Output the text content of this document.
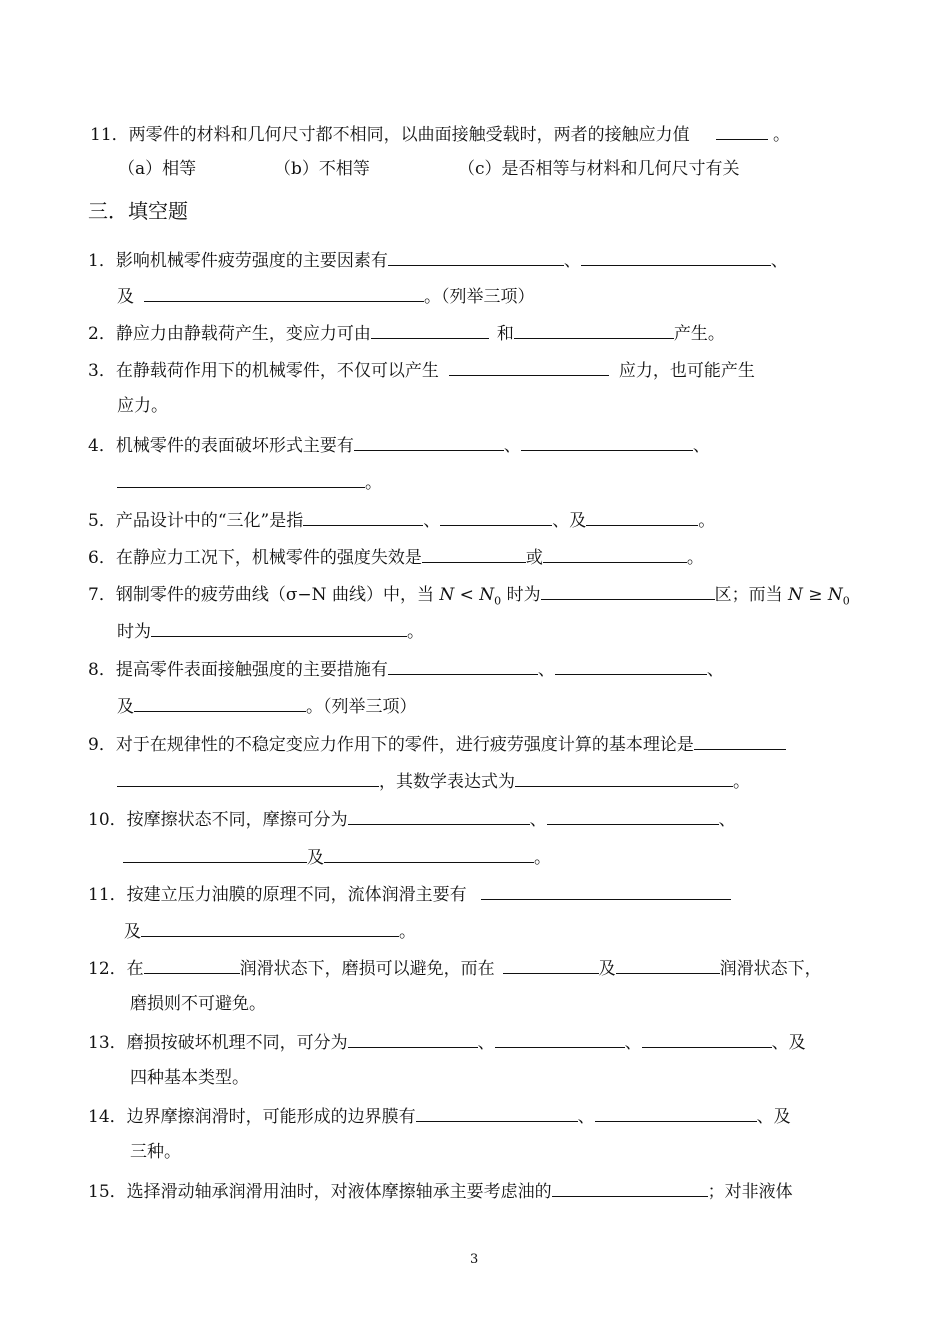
11．两零件的材料和几何尺寸都不相同，以曲面接触受载时，两者的接触应力值	。
（a）相等	（b）不相等	（c）是否相等与材料和几何尺寸有关
三．填空题
1．影响机械零件疲劳强度的主要因素有	、	、
及	。（列举三项）
2．静应力由静载荷产生，变应力可由	和	产生。
3．在静载荷作用下的机械零件，不仅可以产生	应力，也可能产生
应力。
4．机械零件的表面破坏形式主要有	、	、
。
5．产品设计中的“三化”是指	、	、及	。
6．在静应力工况下，机械零件的强度失效是	或	。
7．钢制零件的疲劳曲线（σ−N 曲线）中，当 $N < N_0$ 时为	区；而当 $N \ge N_0$
时为	。
8．提高零件表面接触强度的主要措施有	、	、
及	。（列举三项）
9．对于在规律性的不稳定变应力作用下的零件，进行疲劳强度计算的基本理论是
，其数学表达式为	。
10．按摩擦状态不同，摩擦可分为	、	、
及	。
11．按建立压力油膜的原理不同，流体润滑主要有
及	。
12．在	润滑状态下，磨损可以避免，而在	及	润滑状态下，
磨损则不可避免。
13．磨损按破坏机理不同，可分为	、	、	、及
四种基本类型。
14．边界摩擦润滑时，可能形成的边界膜有	、	、及
三种。
15．选择滑动轴承润滑用油时，对液体摩擦轴承主要考虑油的	；对非液体
3
